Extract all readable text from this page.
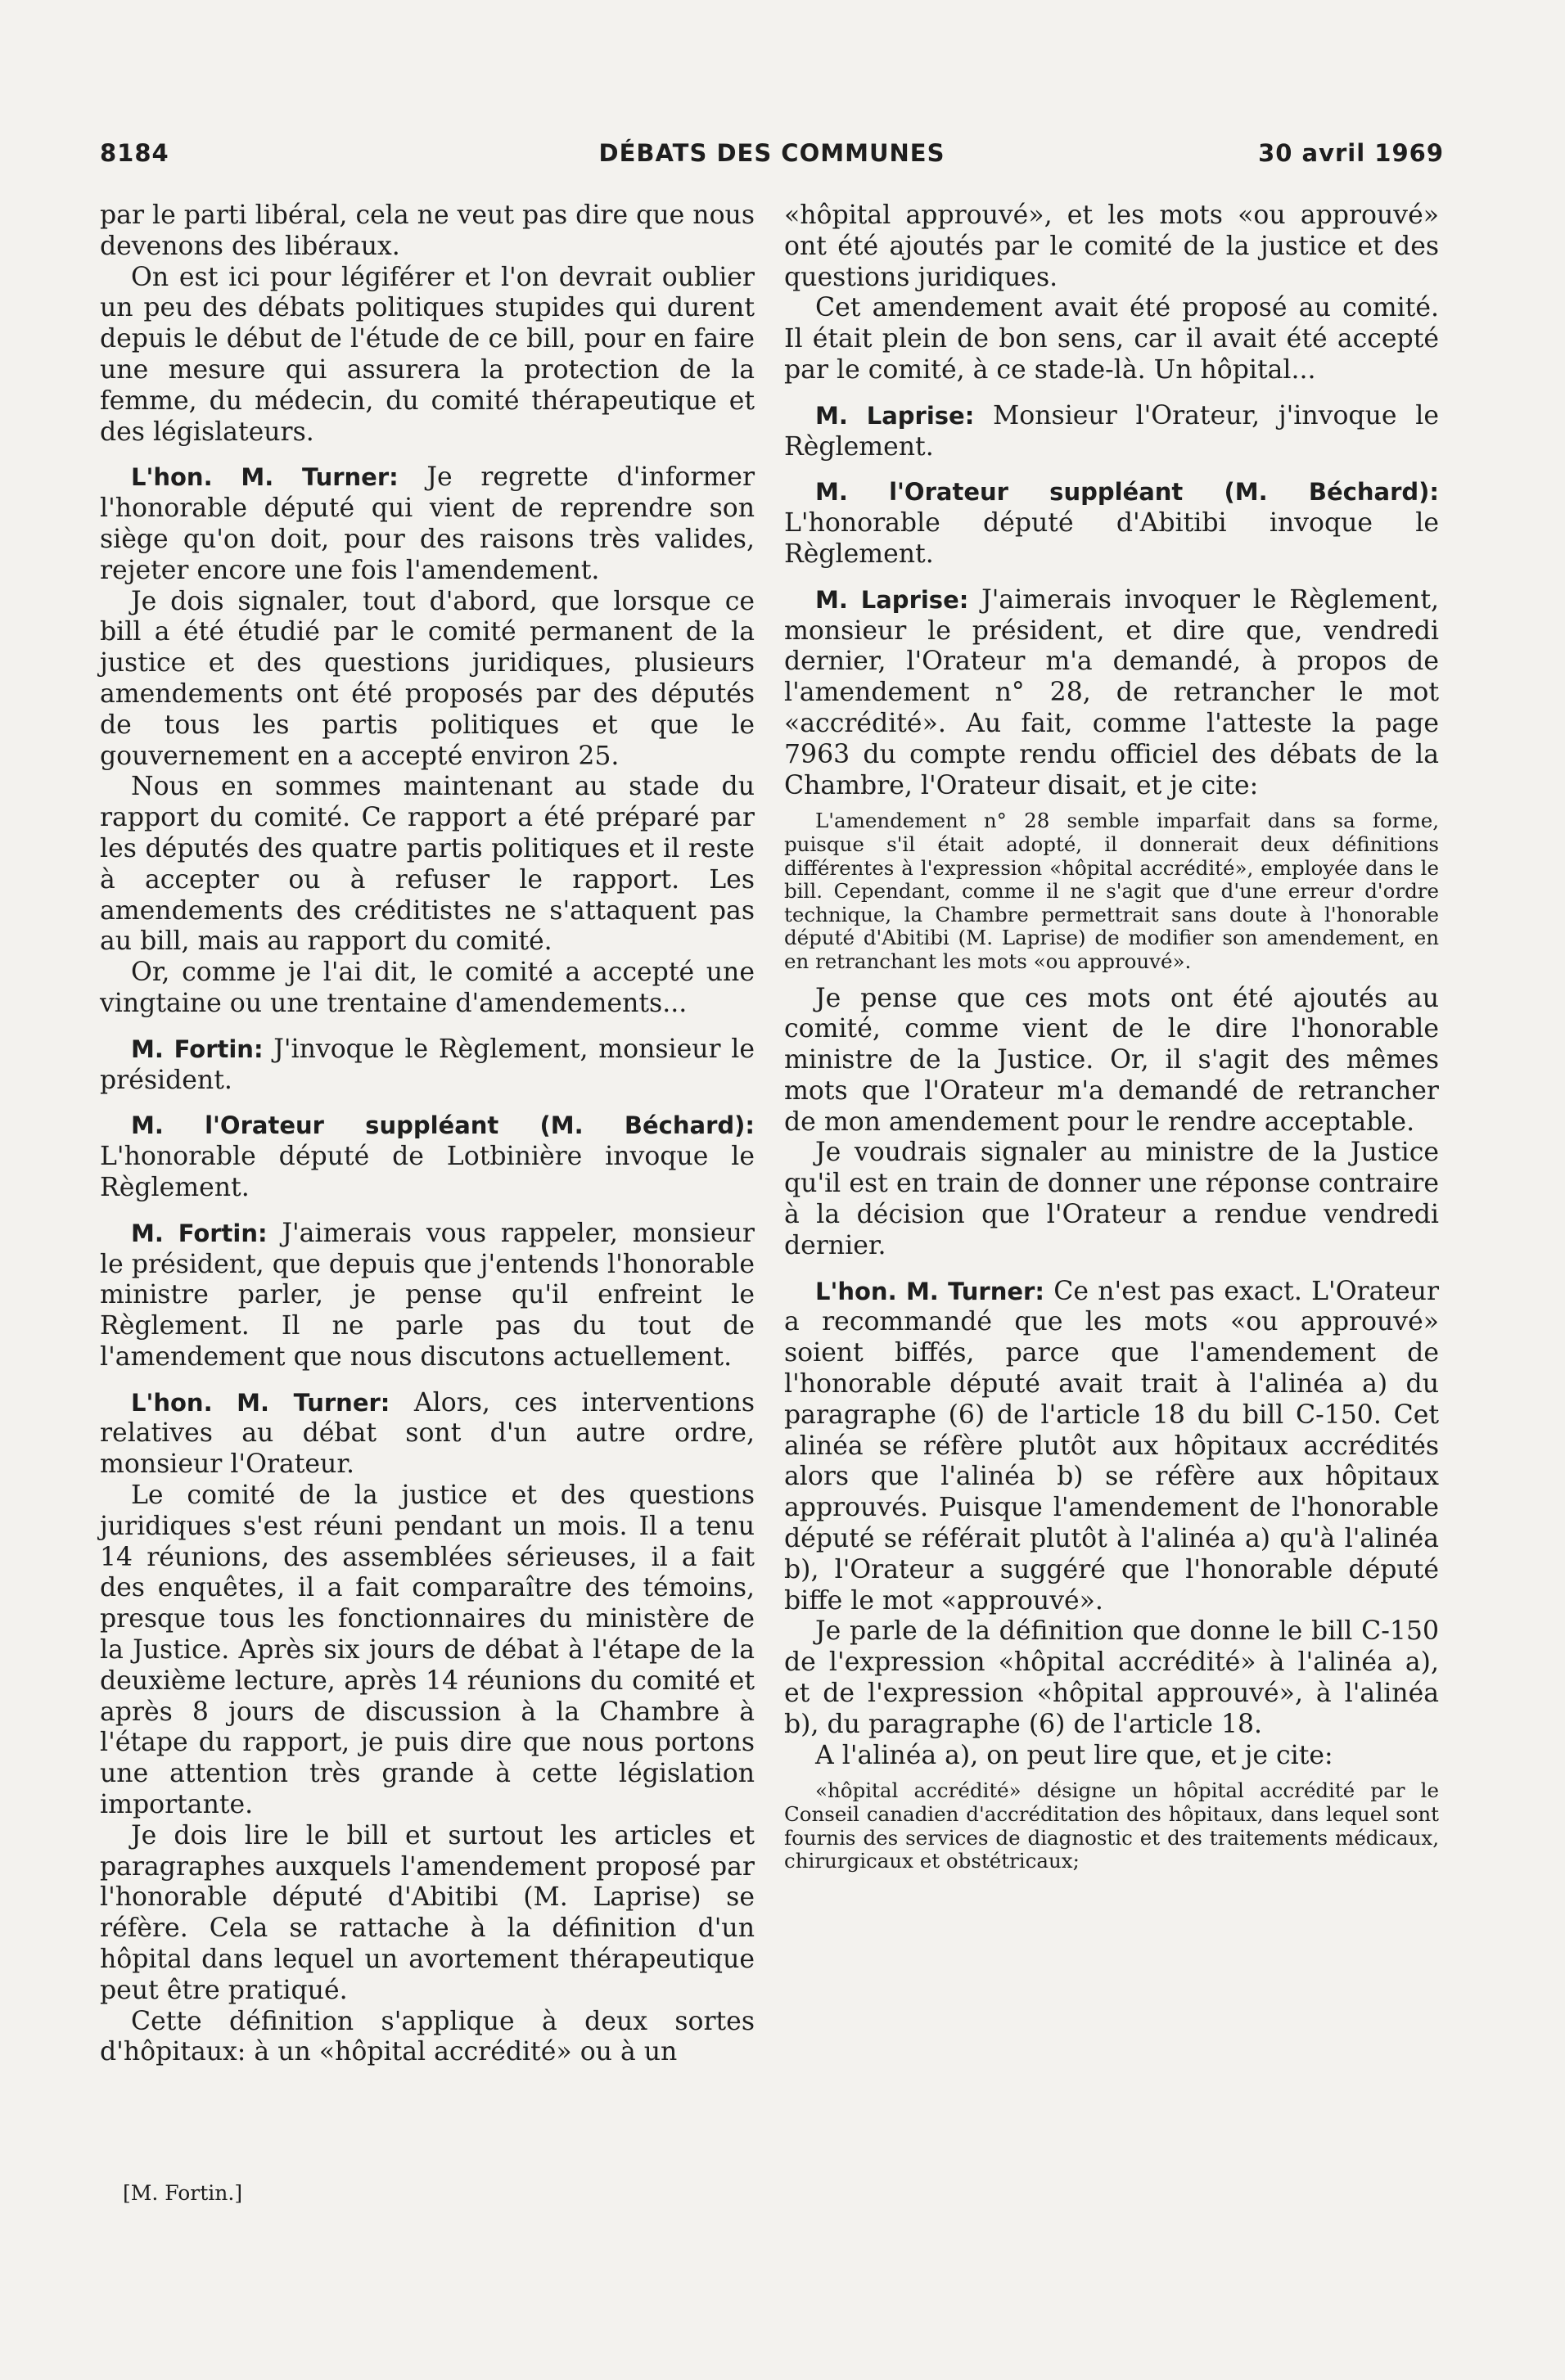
8184	DÉBATS DES COMMUNES	30 avril 1969

par le parti libéral, cela ne veut pas dire que nous devenons des libéraux.

On est ici pour légiférer et l'on devrait oublier un peu des débats politiques stupides qui durent depuis le début de l'étude de ce bill, pour en faire une mesure qui assurera la protection de la femme, du médecin, du comité thérapeutique et des législateurs.

L'hon. M. Turner: Je regrette d'informer l'honorable député qui vient de reprendre son siège qu'on doit, pour des raisons très valides, rejeter encore une fois l'amendement.

Je dois signaler, tout d'abord, que lorsque ce bill a été étudié par le comité permanent de la justice et des questions juridiques, plusieurs amendements ont été proposés par des députés de tous les partis politiques et que le gouvernement en a accepté environ 25.

Nous en sommes maintenant au stade du rapport du comité. Ce rapport a été préparé par les députés des quatre partis politiques et il reste à accepter ou à refuser le rapport. Les amendements des créditistes ne s'attaquent pas au bill, mais au rapport du comité.

Or, comme je l'ai dit, le comité a accepté une vingtaine ou une trentaine d'amendements...

M. Fortin: J'invoque le Règlement, monsieur le président.

M. l'Orateur suppléant (M. Béchard): L'honorable député de Lotbinière invoque le Règlement.

M. Fortin: J'aimerais vous rappeler, monsieur le président, que depuis que j'entends l'honorable ministre parler, je pense qu'il enfreint le Règlement. Il ne parle pas du tout de l'amendement que nous discutons actuellement.

L'hon. M. Turner: Alors, ces interventions relatives au débat sont d'un autre ordre, monsieur l'Orateur.

Le comité de la justice et des questions juridiques s'est réuni pendant un mois. Il a tenu 14 réunions, des assemblées sérieuses, il a fait des enquêtes, il a fait comparaître des témoins, presque tous les fonctionnaires du ministère de la Justice. Après six jours de débat à l'étape de la deuxième lecture, après 14 réunions du comité et après 8 jours de discussion à la Chambre à l'étape du rapport, je puis dire que nous portons une attention très grande à cette législation importante.

Je dois lire le bill et surtout les articles et paragraphes auxquels l'amendement proposé par l'honorable député d'Abitibi (M. Laprise) se réfère. Cela se rattache à la définition d'un hôpital dans lequel un avortement thérapeutique peut être pratiqué.

Cette définition s'applique à deux sortes d'hôpitaux: à un «hôpital accrédité» ou à un

[M. Fortin.]

«hôpital approuvé», et les mots «ou approuvé» ont été ajoutés par le comité de la justice et des questions juridiques.

Cet amendement avait été proposé au comité. Il était plein de bon sens, car il avait été accepté par le comité, à ce stade-là. Un hôpital...

M. Laprise: Monsieur l'Orateur, j'invoque le Règlement.

M. l'Orateur suppléant (M. Béchard): L'honorable député d'Abitibi invoque le Règlement.

M. Laprise: J'aimerais invoquer le Règlement, monsieur le président, et dire que, vendredi dernier, l'Orateur m'a demandé, à propos de l'amendement n° 28, de retrancher le mot «accrédité». Au fait, comme l'atteste la page 7963 du compte rendu officiel des débats de la Chambre, l'Orateur disait, et je cite:

L'amendement n° 28 semble imparfait dans sa forme, puisque s'il était adopté, il donnerait deux définitions différentes à l'expression «hôpital accrédité», employée dans le bill. Cependant, comme il ne s'agit que d'une erreur d'ordre technique, la Chambre permettrait sans doute à l'honorable député d'Abitibi (M. Laprise) de modifier son amendement, en en retranchant les mots «ou approuvé».

Je pense que ces mots ont été ajoutés au comité, comme vient de le dire l'honorable ministre de la Justice. Or, il s'agit des mêmes mots que l'Orateur m'a demandé de retrancher de mon amendement pour le rendre acceptable.

Je voudrais signaler au ministre de la Justice qu'il est en train de donner une réponse contraire à la décision que l'Orateur a rendue vendredi dernier.

L'hon. M. Turner: Ce n'est pas exact. L'Orateur a recommandé que les mots «ou approuvé» soient biffés, parce que l'amendement de l'honorable député avait trait à l'alinéa a) du paragraphe (6) de l'article 18 du bill C-150. Cet alinéa se réfère plutôt aux hôpitaux accrédités alors que l'alinéa b) se réfère aux hôpitaux approuvés. Puisque l'amendement de l'honorable député se référait plutôt à l'alinéa a) qu'à l'alinéa b), l'Orateur a suggéré que l'honorable député biffe le mot «approuvé».

Je parle de la définition que donne le bill C-150 de l'expression «hôpital accrédité» à l'alinéa a), et de l'expression «hôpital approuvé», à l'alinéa b), du paragraphe (6) de l'article 18.

A l'alinéa a), on peut lire que, et je cite:

«hôpital accrédité» désigne un hôpital accrédité par le Conseil canadien d'accréditation des hôpitaux, dans lequel sont fournis des services de diagnostic et des traitements médicaux, chirurgicaux et obstétricaux;
